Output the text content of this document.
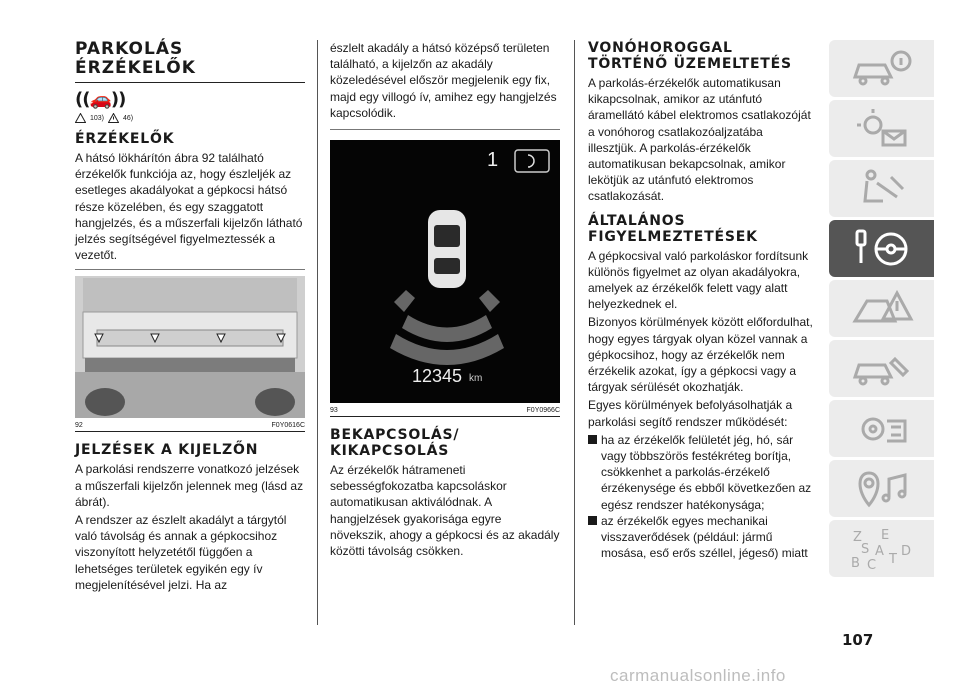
PARKOLÁS
ÉRZÉKELŐK
((🚗))
103)	46)
ÉRZÉKELŐK

A hátsó lökhárítón ábra 92 található érzékelők funkciója az, hogy észleljék az esetleges akadályokat a gépkocsi hátsó része közelében, és egy szaggatott hangjelzés, és a műszerfali kijelzőn látható jelzés segítségével figyelmeztessék a vezetőt.

92	F0Y0616C
JELZÉSEK A KIJELZŐN

A parkolási rendszerre vonatkozó jelzések a műszerfali kijelzőn jelennek meg (lásd az ábrát).

A rendszer az észlelt akadályt a tárgytól való távolság és annak a gépkocsihoz viszonyított helyzetétől függően a lehetséges területek egyikén egy ív megjelenítésével jelzi. Ha az

észlelt akadály a hátsó középső területen található, a kijelzőn az akadály közeledésével először megjelenik egy fix, majd egy villogó ív, amihez egy hangjelzés kapcsolódik.

1
12345 km
93	F0Y0966C
BEKAPCSOLÁS/
KIKAPCSOLÁS

Az érzékelők hátrameneti sebességfokozatba kapcsoláskor automatikusan aktiválódnak. A hangjelzések gyakorisága egyre növekszik, ahogy a gépkocsi és az akadály közötti távolság csökken.

VONÓHOROGGAL
TÖRTÉNŐ ÜZEMELTETÉS

A parkolás-érzékelők automatikusan kikapcsolnak, amikor az utánfutó áramellátó kábel elektromos csatlakozóját a vonóhorog csatlakozóaljzatába illesztjük. A parkolás-érzékelők automatikusan bekapcsolnak, amikor lekötjük az utánfutó elektromos csatlakozását.

ÁLTALÁNOS
FIGYELMEZTETÉSEK

A gépkocsival való parkoláskor fordítsunk különös figyelmet az olyan akadályokra, amelyek az érzékelők felett vagy alatt helyezkednek el.

Bizonyos körülmények között előfordulhat, hogy egyes tárgyak olyan közel vannak a gépkocsihoz, hogy az érzékelők nem érzékelik azokat, így a gépkocsi vagy a tárgyak sérülését okozhatják.

Egyes körülmények befolyásolhatják a parkolási segítő rendszer működését:

ha az érzékelők felületét jég, hó, sár vagy többszörös festékréteg borítja, csökkenhet a parkolás-érzékelő érzékenysége és ebből következően az egész rendszer hatékonysága;
az érzékelők egyes mechanikai visszaverődések (például: jármű mosása, eső erős széllel, jégeső) miatt
Z E
S
B
A
C T
D
107
carmanualsonline.info
